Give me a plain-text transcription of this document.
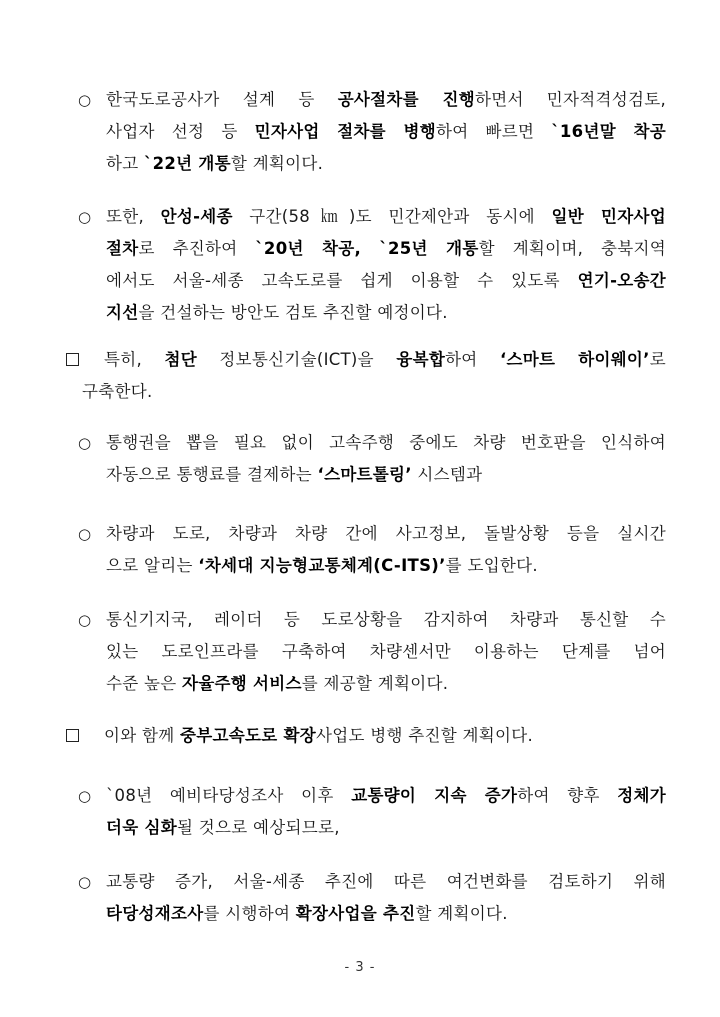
○ 한국도로공사가 설계 등 공사절차를 진행하면서 민자적격성검토,
사업자 선정 등 민자사업 절차를 병행하여 빠르면 `16년말 착공
하고 `22년 개통할 계획이다.
○ 또한, 안성-세종 구간(58㎞)도 민간제안과 동시에 일반 민자사업
절차로 추진하여 `20년 착공, `25년 개통할 계획이며, 충북지역
에서도 서울-세종 고속도로를 쉽게 이용할 수 있도록 연기-오송간
지선을 건설하는 방안도 검토 추진할 예정이다.
특히, 첨단 정보통신기술(ICT)을 융복합하여 ‘스마트 하이웨이’로
구축한다.
○ 통행권을 뽑을 필요 없이 고속주행 중에도 차량 번호판을 인식하여
자동으로 통행료를 결제하는 ‘스마트톨링’ 시스템과
○ 차량과 도로, 차량과 차량 간에 사고정보, 돌발상황 등을 실시간
으로 알리는 ‘차세대 지능형교통체계(C-ITS)’를 도입한다.
○ 통신기지국, 레이더 등 도로상황을 감지하여 차량과 통신할 수
있는 도로인프라를 구축하여 차량센서만 이용하는 단계를 넘어
수준 높은 자율주행 서비스를 제공할 계획이다.
이와 함께 중부고속도로 확장사업도 병행 추진할 계획이다.
○ `08년 예비타당성조사 이후 교통량이 지속 증가하여 향후 정체가
더욱 심화될 것으로 예상되므로,
○ 교통량 증가, 서울-세종 추진에 따른 여건변화를 검토하기 위해
타당성재조사를 시행하여 확장사업을 추진할 계획이다.
- 3 -
